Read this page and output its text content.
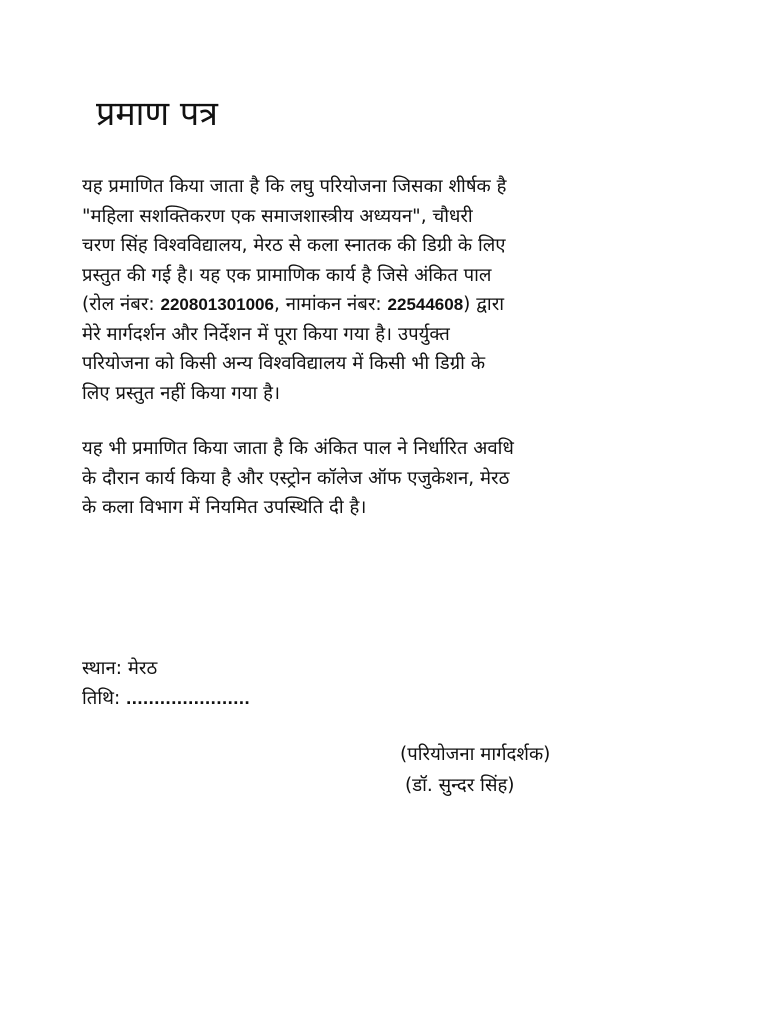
प्रमाण पत्र

यह प्रमाणित किया जाता है कि लघु परियोजना जिसका शीर्षक है
"महिला सशक्तिकरण एक समाजशास्त्रीय अध्ययन", चौधरी
चरण सिंह विश्वविद्यालय, मेरठ से कला स्नातक की डिग्री के लिए
प्रस्तुत की गई है। यह एक प्रामाणिक कार्य है जिसे अंकित पाल
(रोल नंबर: 220801301006, नामांकन नंबर: 22544608) द्वारा
मेरे मार्गदर्शन और निर्देशन में पूरा किया गया है। उपर्युक्त
परियोजना को किसी अन्य विश्वविद्यालय में किसी भी डिग्री के
लिए प्रस्तुत नहीं किया गया है।

यह भी प्रमाणित किया जाता है कि अंकित पाल ने निर्धारित अवधि
के दौरान कार्य किया है और एस्ट्रोन कॉलेज ऑफ एजुकेशन, मेरठ
के कला विभाग में नियमित उपस्थिति दी है।

स्थान: मेरठ

तिथि: ......................

(परियोजना मार्गदर्शक)

(डॉ. सुन्दर सिंह)
